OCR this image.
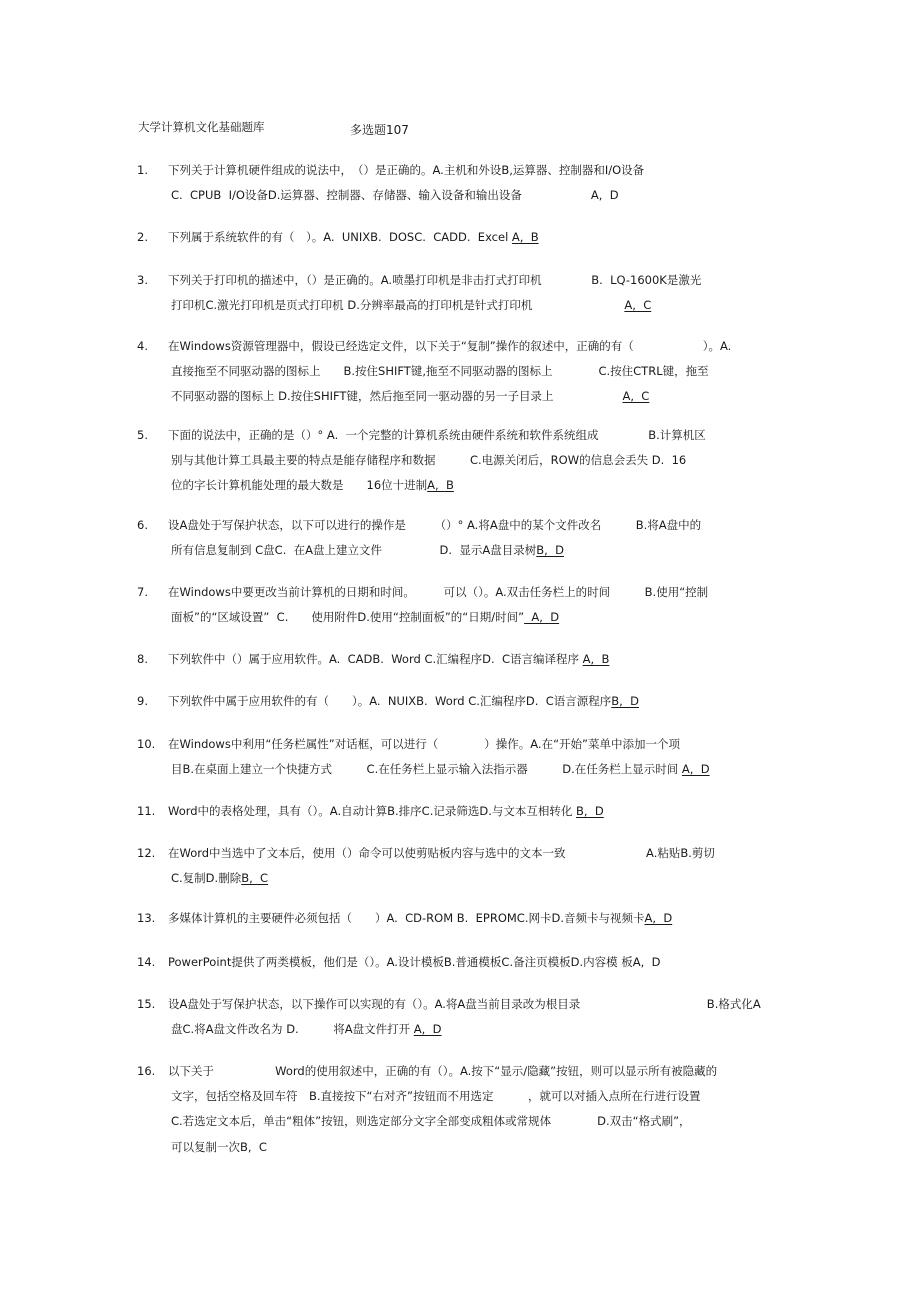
大学计算机文化基础题库	多选题107
1.	下列关于计算机硬件组成的说法中，　（）是正确的。A.主机和外设B,运算器、控制器和I/O设备
C.  CPUB  I/O设备D.运算器、控制器、存储器、输入设备和输出设备　　　　　　A,  D
2.	下列属于系统软件的有（　）。A.  UNIXB.  DOSC.  CADD.  Excel A,  B
3.	下列关于打印机的描述中，（）是正确的。A.喷墨打印机是非击打式打印机　　　　 B.  LQ-1600K是激光
打印机C.激光打印机是页式打印机 D.分辨率最高的打印机是针式打印机　　　　　　　　A,  C
4.	在Windows资源管理器中，假设已经选定文件，以下关于“复制”操作的叙述中，正确的有（　　　　　　）。A.
直接拖至不同驱动器的图标上　　B.按住SHIFT键,拖至不同驱动器的图标上　　　　C.按住CTRL键，拖至
不同驱动器的图标上 D.按住SHIFT键，然后拖至同一驱动器的另一子目录上　　　　　　A,  C
5.	下面的说法中，正确的是（）° A.  一个完整的计算机系统由硬件系统和软件系统组成　　　　 B.计算机区
别与其他计算工具最主要的特点是能存储程序和数据　　　C.电源关闭后，ROW的信息会丢失 D.  16
位的字长计算机能处理的最大数是　　16位十进制A,  B
6.	设A盘处于写保护状态，以下可以进行的操作是　　　（）° A.将A盘中的某个文件改名　　　B.将A盘中的
所有信息复制到 C盘C.  在A盘上建立文件　　　　　D.  显示A盘目录树B,  D
7.	在Windows中要更改当前计算机的日期和时间。　　　可以（）。A.双击任务栏上的时间　　　B.使用“控制
面板”的“区域设置”  C.　　使用附件D.使用“控制面板”的“日期/时间”  A,  D
8.	下列软件中（）属于应用软件。A.  CADB.  Word C.汇编程序D.  C语言编译程序 A,  B
9.	下列软件中属于应用软件的有（　　）。A.  NUIXB.  Word C.汇编程序D.  C语言源程序B,  D
10.	在Windows中利用“任务栏属性”对话框，可以进行（　　　　）操作。A.在“开始”菜单中添加一个项
目B.在桌面上建立一个快捷方式　　　C.在任务栏上显示输入法指示器　　　D.在任务栏上显示时间 A,  D
11.	Word中的表格处理，具有（）。A.自动计算B.排序C.记录筛选D.与文本互相转化 B,  D
12.	在Word中当选中了文本后，使用（）命令可以使剪贴板内容与选中的文本一致　　　　　　　A.粘贴B.剪切
C.复制D.删除B,  C
13.	多媒体计算机的主要硬件必须包括（　　）A.  CD-ROM B.  EPROMC.网卡D.音频卡与视频卡A,  D
14.	PowerPoint提供了两类模板，他们是（）。A.设计模板B.普通模板C.备注页模板D.内容模 板A,  D
15.	设A盘处于写保护状态，以下操作可以实现的有（）。A.将A盘当前目录改为根目录　　　　　　　　　　　B.格式化A
盘C.将A盘文件改名为 D.　　　将A盘文件打开 A,  D
16.	以下关于　　　　　 Word的使用叙述中，正确的有（）。A.按下“显示/隐藏”按钮，则可以显示所有被隐藏的
文字，包括空格及回车符　B.直接按下“右对齐”按钮而不用选定　　　，就可以对插入点所在行进行设置
C.若选定文本后，单击“粗体”按钮，则选定部分文字全部变成粗体或常规体　　　　D.双击“格式刷”，
可以复制一次B,  C
